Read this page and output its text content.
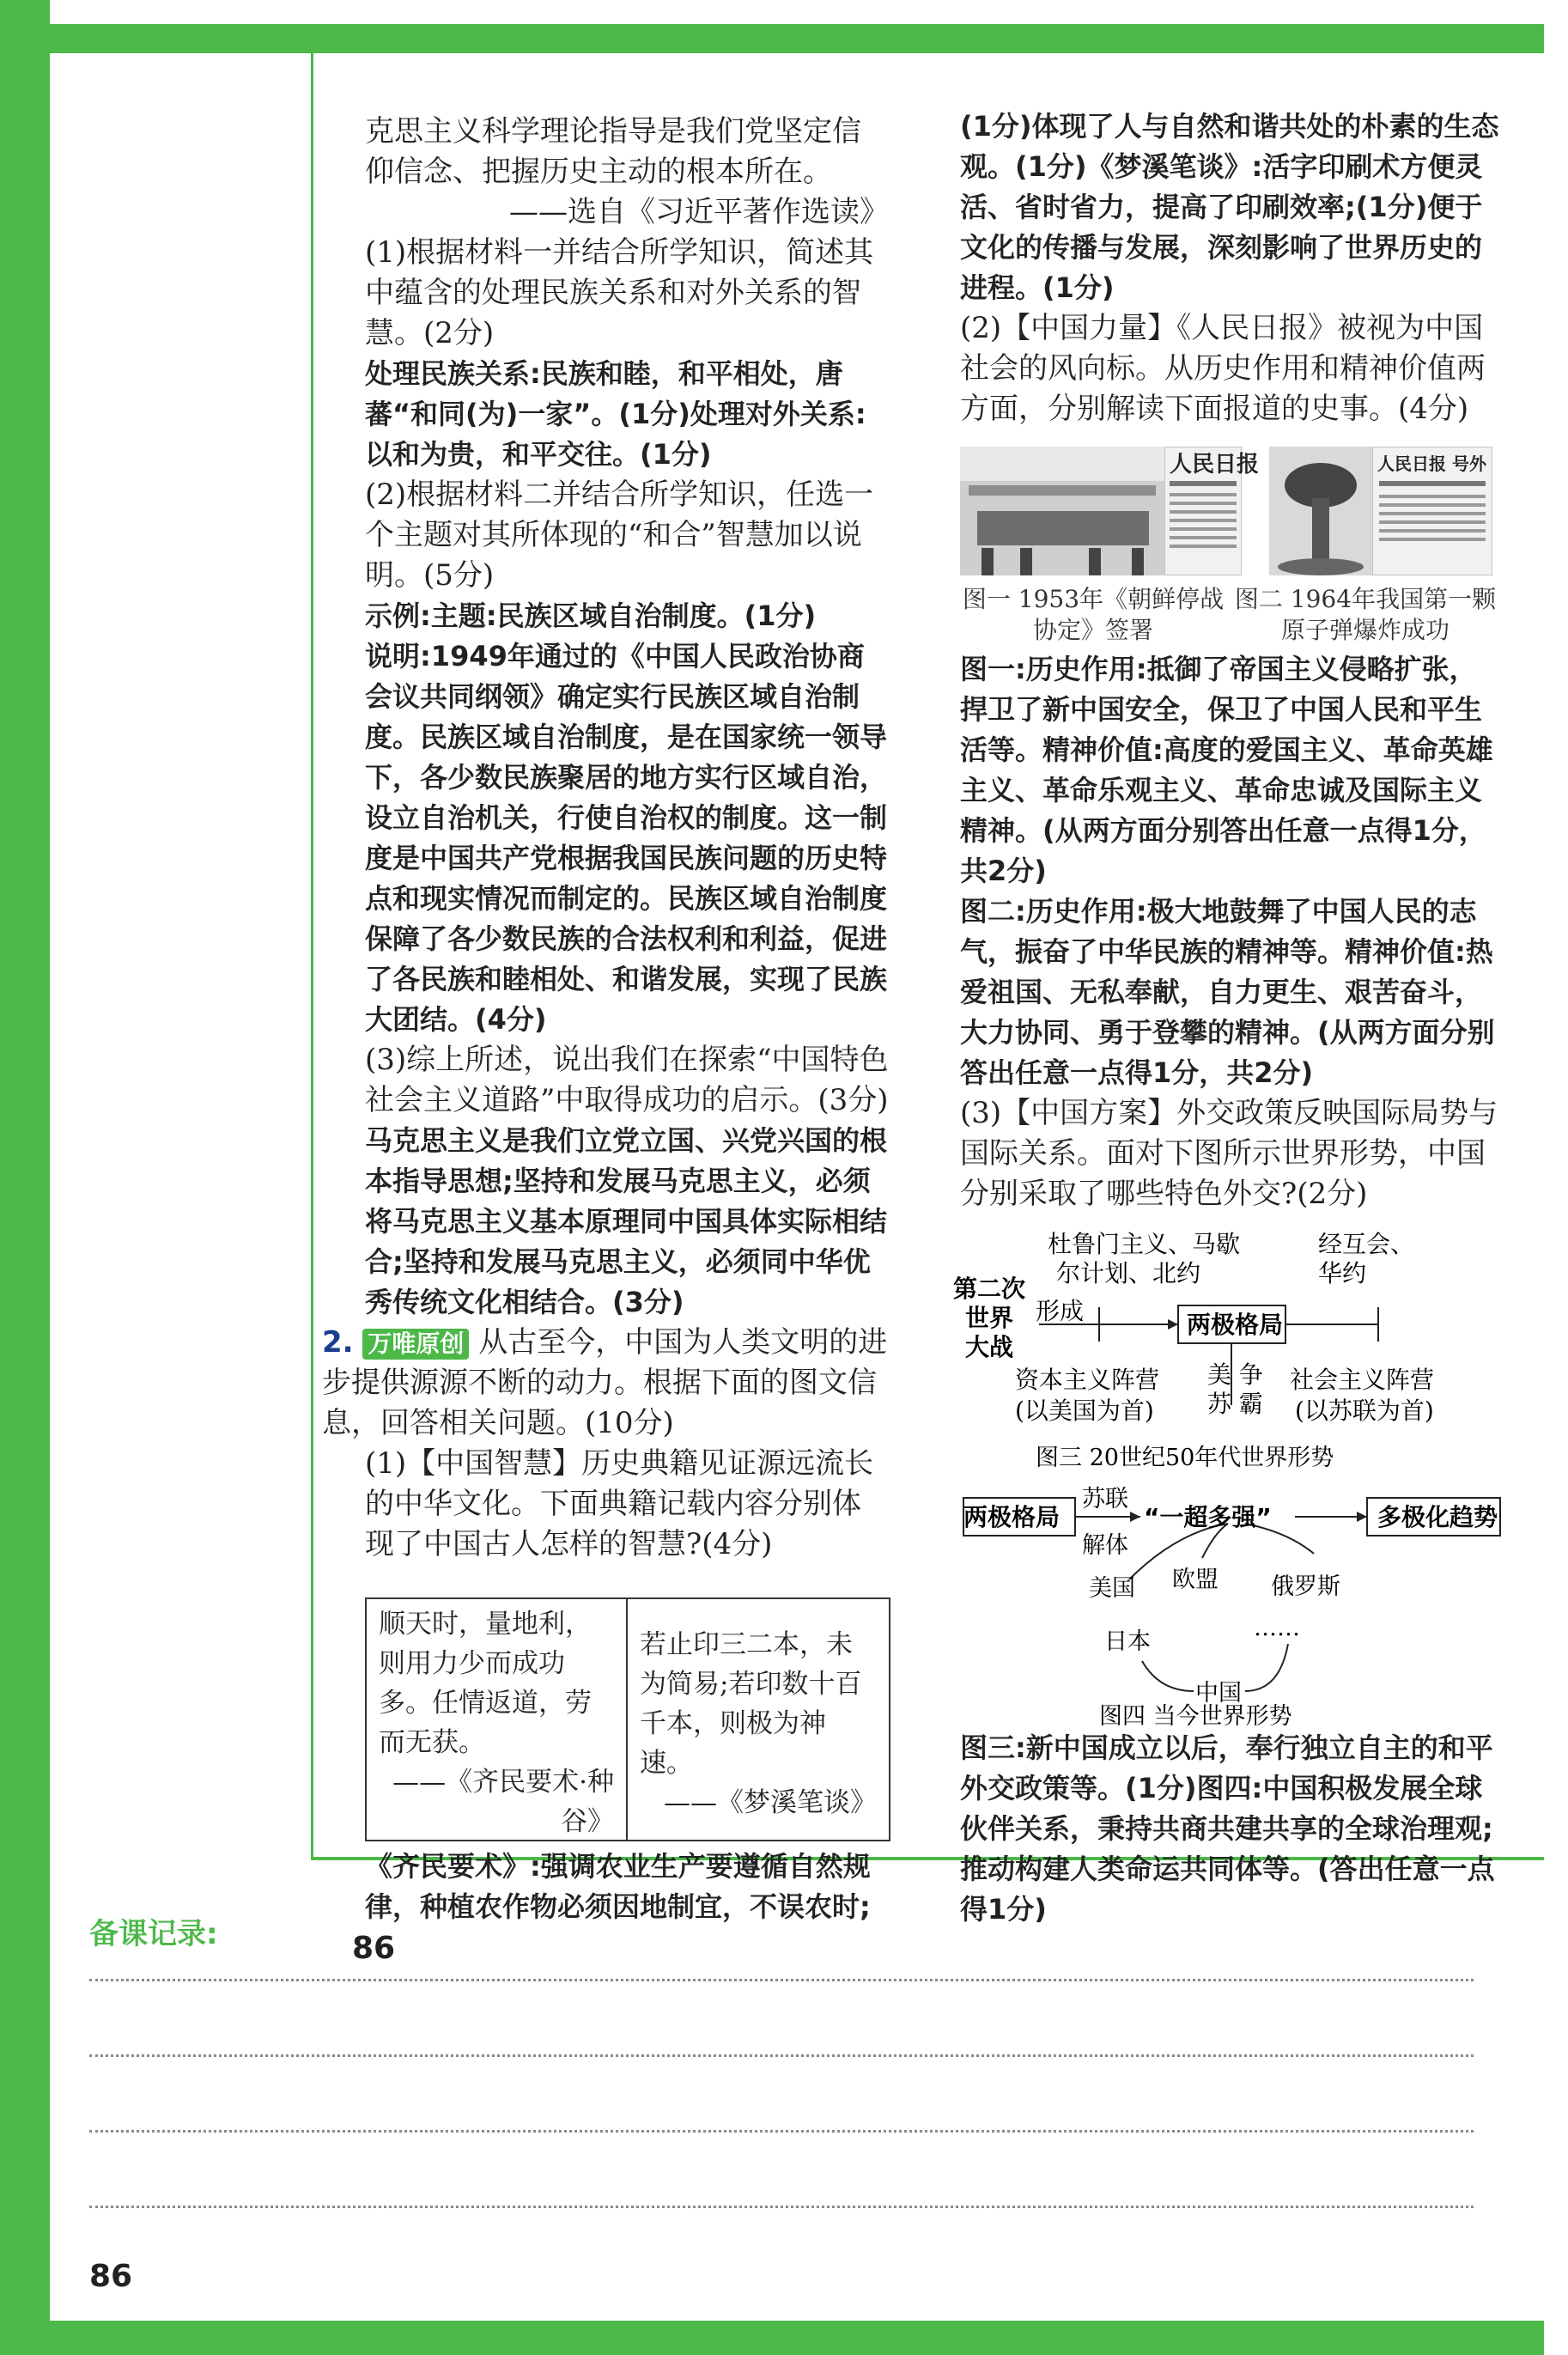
克思主义科学理论指导是我们党坚定信

仰信念、把握历史主动的根本所在。

——选自《习近平著作选读》

(1)根据材料一并结合所学知识，简述其中蕴含的处理民族关系和对外关系的智慧。(2分)

处理民族关系:民族和睦，和平相处，唐蕃“和同(为)一家”。(1分)处理对外关系:以和为贵，和平交往。(1分)

(2)根据材料二并结合所学知识，任选一个主题对其所体现的“和合”智慧加以说明。(5分)

示例:主题:民族区域自治制度。(1分)

说明:1949年通过的《中国人民政治协商会议共同纲领》确定实行民族区域自治制度。民族区域自治制度，是在国家统一领导下，各少数民族聚居的地方实行区域自治，设立自治机关，行使自治权的制度。这一制度是中国共产党根据我国民族问题的历史特点和现实情况而制定的。民族区域自治制度保障了各少数民族的合法权利和利益，促进了各民族和睦相处、和谐发展，实现了民族大团结。(4分)

(3)综上所述，说出我们在探索“中国特色社会主义道路”中取得成功的启示。(3分)

马克思主义是我们立党立国、兴党兴国的根本指导思想;坚持和发展马克思主义，必须将马克思主义基本原理同中国具体实际相结合;坚持和发展马克思主义，必须同中华优秀传统文化相结合。(3分)

2. 万唯原创 从古至今，中国为人类文明的进步提供源源不断的动力。根据下面的图文信息，回答相关问题。(10分)

(1)【中国智慧】历史典籍见证源远流长的中华文化。下面典籍记载内容分别体现了中国古人怎样的智慧?(4分)

顺天时，量地利，则用力少而成功多。任情返道，劳而无获。
——《齐民要术·种谷》
若止印三二本，未为简易;若印数十百千本，则极为神速。
——《梦溪笔谈》
《齐民要术》:强调农业生产要遵循自然规律，种植农作物必须因地制宜，不误农时;
86

(1分)体现了人与自然和谐共处的朴素的生态观。(1分)《梦溪笔谈》:活字印刷术方便灵活、省时省力，提高了印刷效率;(1分)便于文化的传播与发展，深刻影响了世界历史的进程。(1分)

(2)【中国力量】《人民日报》被视为中国社会的风向标。从历史作用和精神价值两方面，分别解读下面报道的史事。(4分)

人民日报	人民日报 号外
图一 1953年《朝鲜停战协定》签署
图二 1964年我国第一颗原子弹爆炸成功

图一:历史作用:抵御了帝国主义侵略扩张，捍卫了新中国安全，保卫了中国人民和平生活等。精神价值:高度的爱国主义、革命英雄主义、革命乐观主义、革命忠诚及国际主义精神。(从两方面分别答出任意一点得1分，共2分)

图二:历史作用:极大地鼓舞了中国人民的志气，振奋了中华民族的精神等。精神价值:热爱祖国、无私奉献，自力更生、艰苦奋斗，大力协同、勇于登攀的精神。(从两方面分别答出任意一点得1分，共2分)

(3)【中国方案】外交政策反映国际局势与国际关系。面对下图所示世界形势，中国分别采取了哪些特色外交?(2分)

第二次
世界
大战
形成	两极格局
杜鲁门主义、马歇
尔计划、北约
经互会、
华约
资本主义阵营
(以美国为首)
美 争
苏 霸
社会主义阵营
(以苏联为首)
图三 20世纪50年代世界形势
两极格局
苏联
解体
“一超多强”	多极化趋势
美国 欧盟 俄罗斯
日本
……
中国
图四 当今世界形势
图三:新中国成立以后，奉行独立自主的和平外交政策等。(1分)图四:中国积极发展全球伙伴关系，秉持共商共建共享的全球治理观;推动构建人类命运共同体等。(答出任意一点得1分)
备课记录:
86
